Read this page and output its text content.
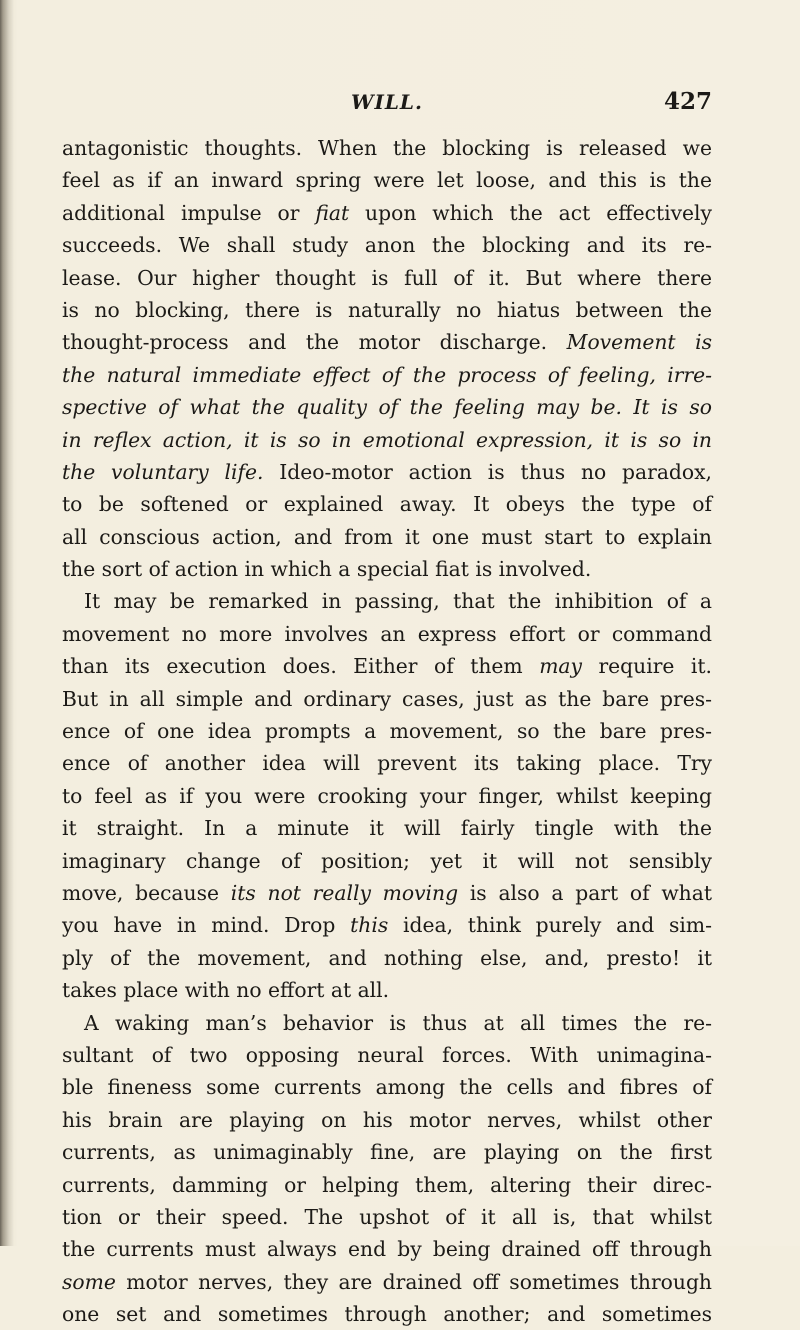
WILL.	427
antagonistic thoughts. When the blocking is released we
feel as if an inward spring were let loose, and this is the
additional impulse or fiat upon which the act effectively
succeeds. We shall study anon the blocking and its re-
lease. Our higher thought is full of it. But where there
is no blocking, there is naturally no hiatus between the
thought-process and the motor discharge. Movement is
the natural immediate effect of the process of feeling, irre-
spective of what the quality of the feeling may be. It is so
in reflex action, it is so in emotional expression, it is so in
the voluntary life. Ideo-motor action is thus no paradox,
to be softened or explained away. It obeys the type of
all conscious action, and from it one must start to explain
the sort of action in which a special fiat is involved.
It may be remarked in passing, that the inhibition of a
movement no more involves an express effort or command
than its execution does. Either of them may require it.
But in all simple and ordinary cases, just as the bare pres-
ence of one idea prompts a movement, so the bare pres-
ence of another idea will prevent its taking place. Try
to feel as if you were crooking your finger, whilst keeping
it straight. In a minute it will fairly tingle with the
imaginary change of position; yet it will not sensibly
move, because its not really moving is also a part of what
you have in mind. Drop this idea, think purely and sim-
ply of the movement, and nothing else, and, presto! it
takes place with no effort at all.
A waking man’s behavior is thus at all times the re-
sultant of two opposing neural forces. With unimagina-
ble fineness some currents among the cells and fibres of
his brain are playing on his motor nerves, whilst other
currents, as unimaginably fine, are playing on the first
currents, damming or helping them, altering their direc-
tion or their speed. The upshot of it all is, that whilst
the currents must always end by being drained off through
some motor nerves, they are drained off sometimes through
one set and sometimes through another; and sometimes
